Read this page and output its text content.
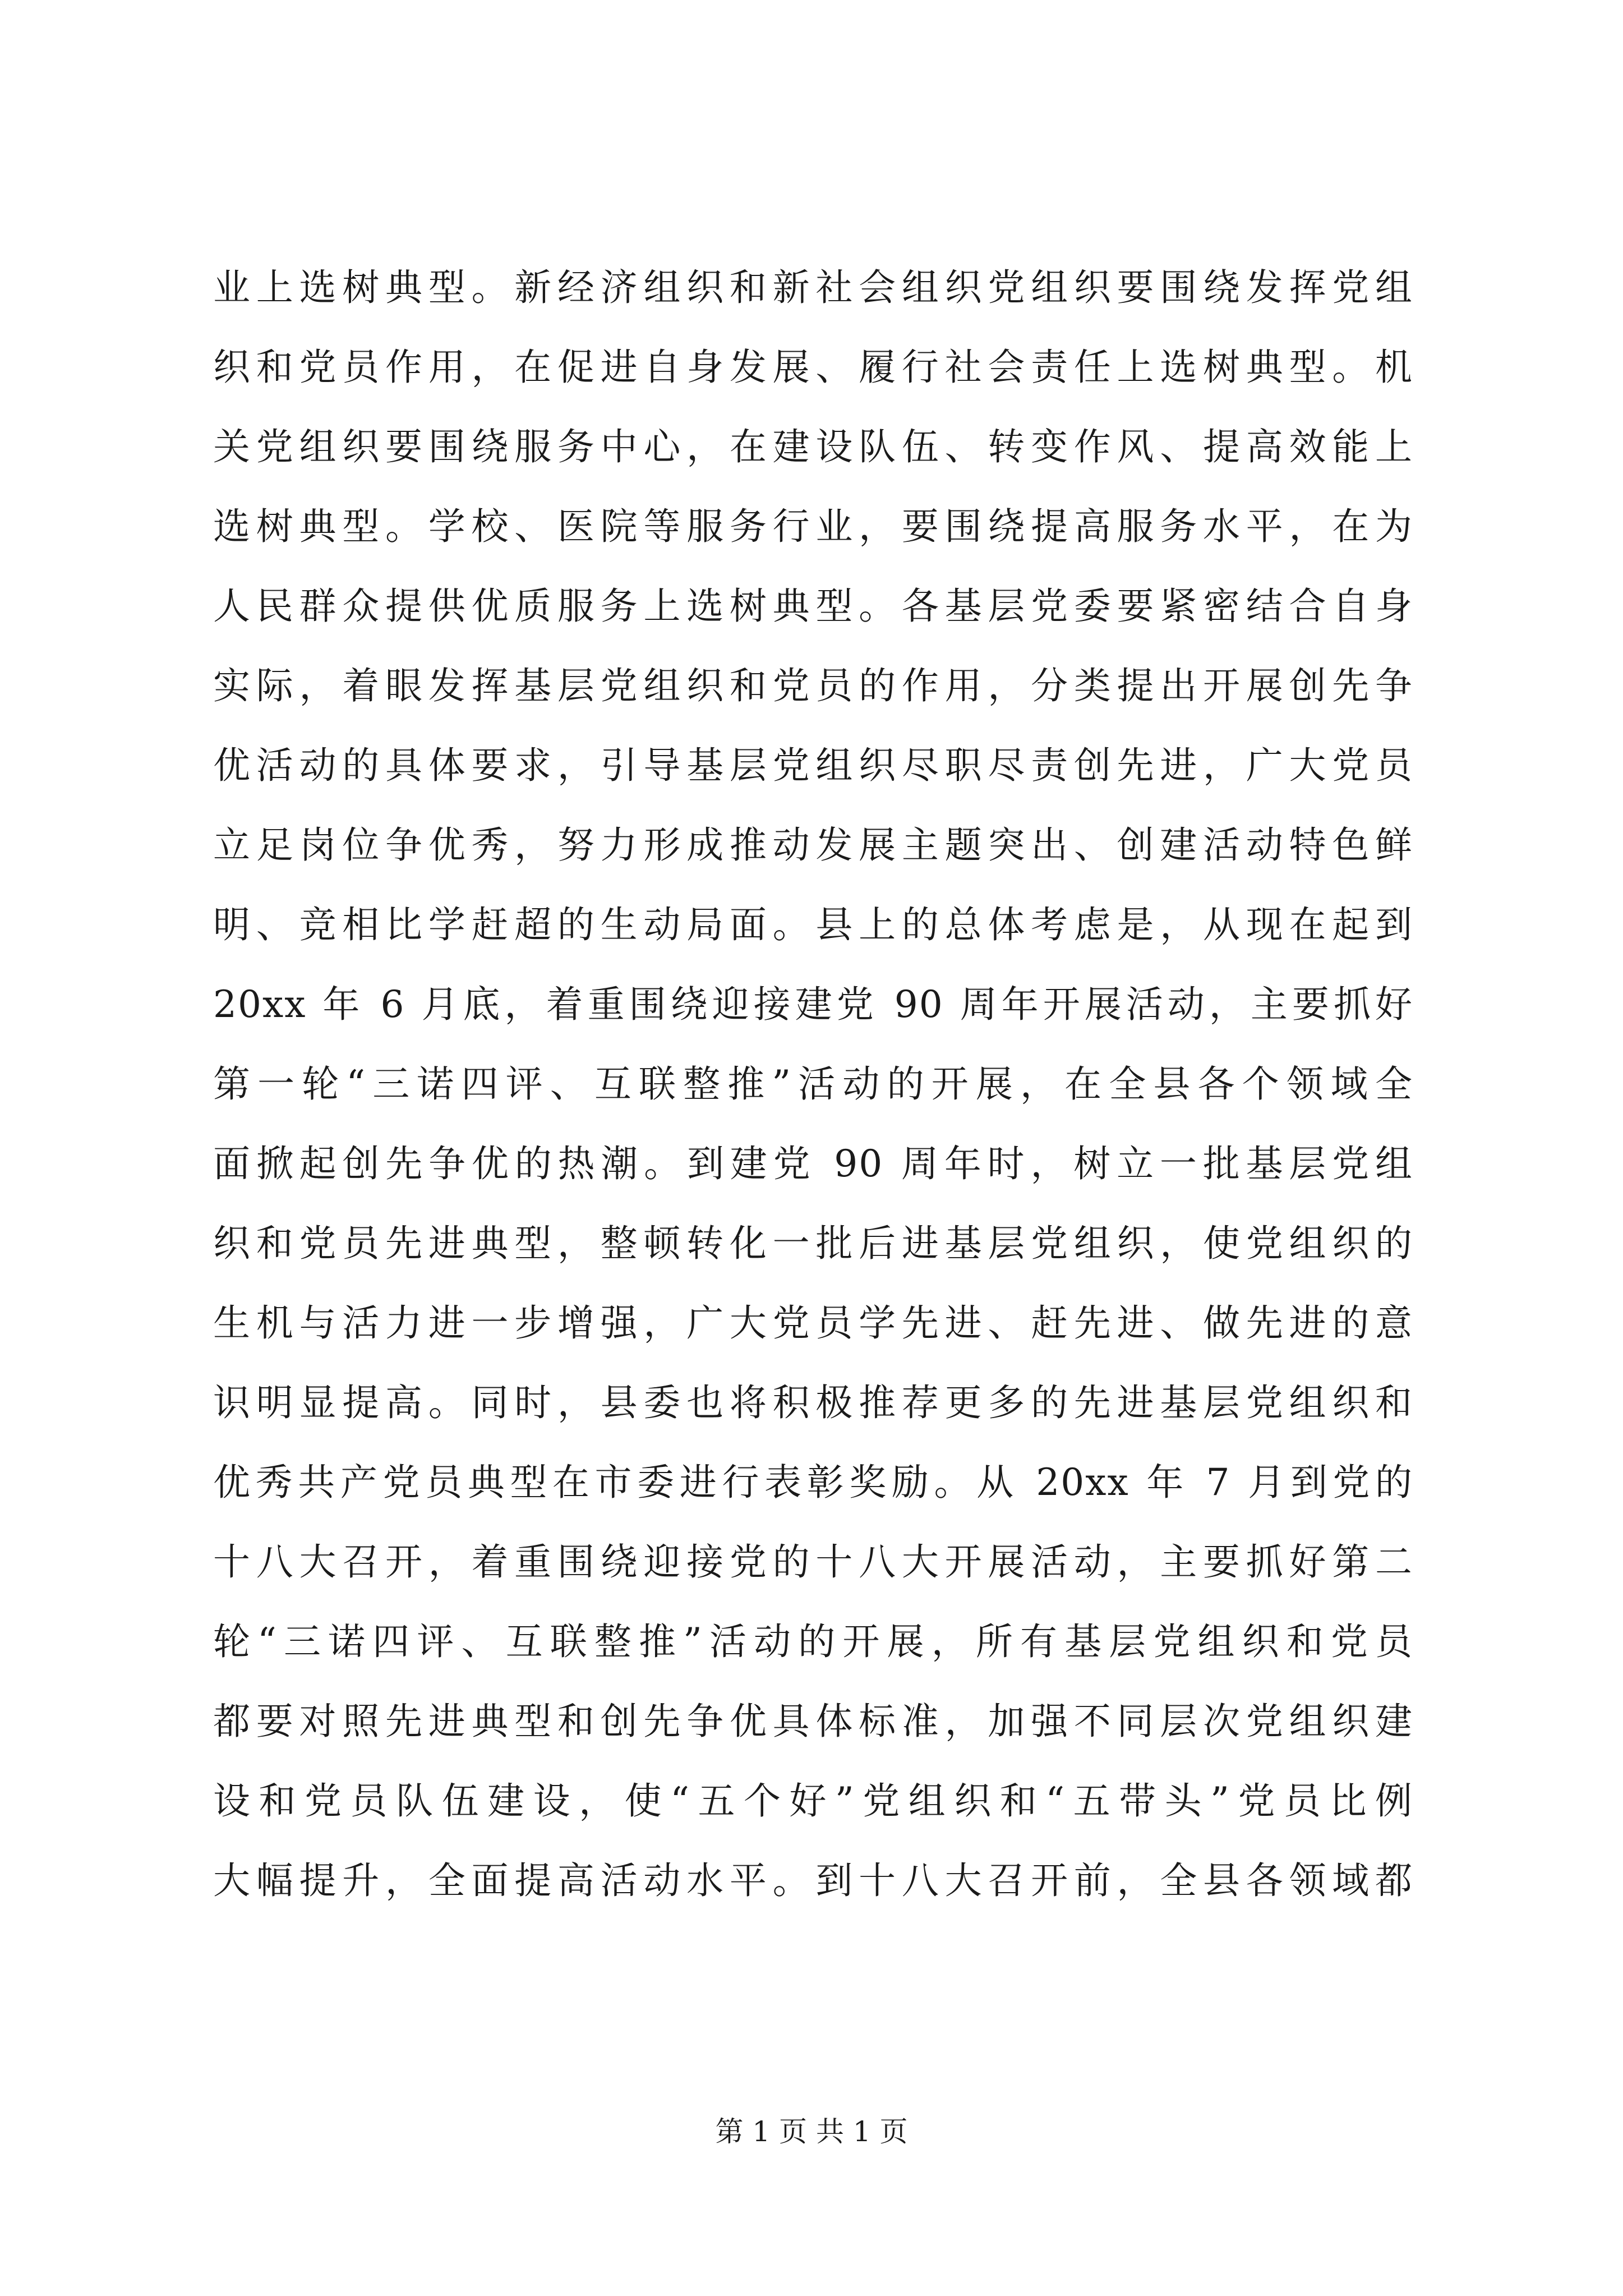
业上选树典型。新经济组织和新社会组织党组织要围绕发挥党组
织和党员作用，在促进自身发展、履行社会责任上选树典型。机
关党组织要围绕服务中心，在建设队伍、转变作风、提高效能上
选树典型。学校、医院等服务行业，要围绕提高服务水平，在为
人民群众提供优质服务上选树典型。各基层党委要紧密结合自身
实际，着眼发挥基层党组织和党员的作用，分类提出开展创先争
优活动的具体要求，引导基层党组织尽职尽责创先进，广大党员
立足岗位争优秀，努力形成推动发展主题突出、创建活动特色鲜
明、竞相比学赶超的生动局面。县上的总体考虑是，从现在起到
20xx 年 6 月底，着重围绕迎接建党 90 周年开展活动，主要抓好
第一轮“三诺四评、互联整推”活动的开展，在全县各个领域全
面掀起创先争优的热潮。到建党 90 周年时，树立一批基层党组
织和党员先进典型，整顿转化一批后进基层党组织，使党组织的
生机与活力进一步增强，广大党员学先进、赶先进、做先进的意
识明显提高。同时，县委也将积极推荐更多的先进基层党组织和
优秀共产党员典型在市委进行表彰奖励。从 20xx 年 7 月到党的
十八大召开，着重围绕迎接党的十八大开展活动，主要抓好第二
轮“三诺四评、互联整推”活动的开展，所有基层党组织和党员
都要对照先进典型和创先争优具体标准，加强不同层次党组织建
设和党员队伍建设，使“五个好”党组织和“五带头”党员比例
大幅提升，全面提高活动水平。到十八大召开前，全县各领域都
第 1 页 共 1 页
